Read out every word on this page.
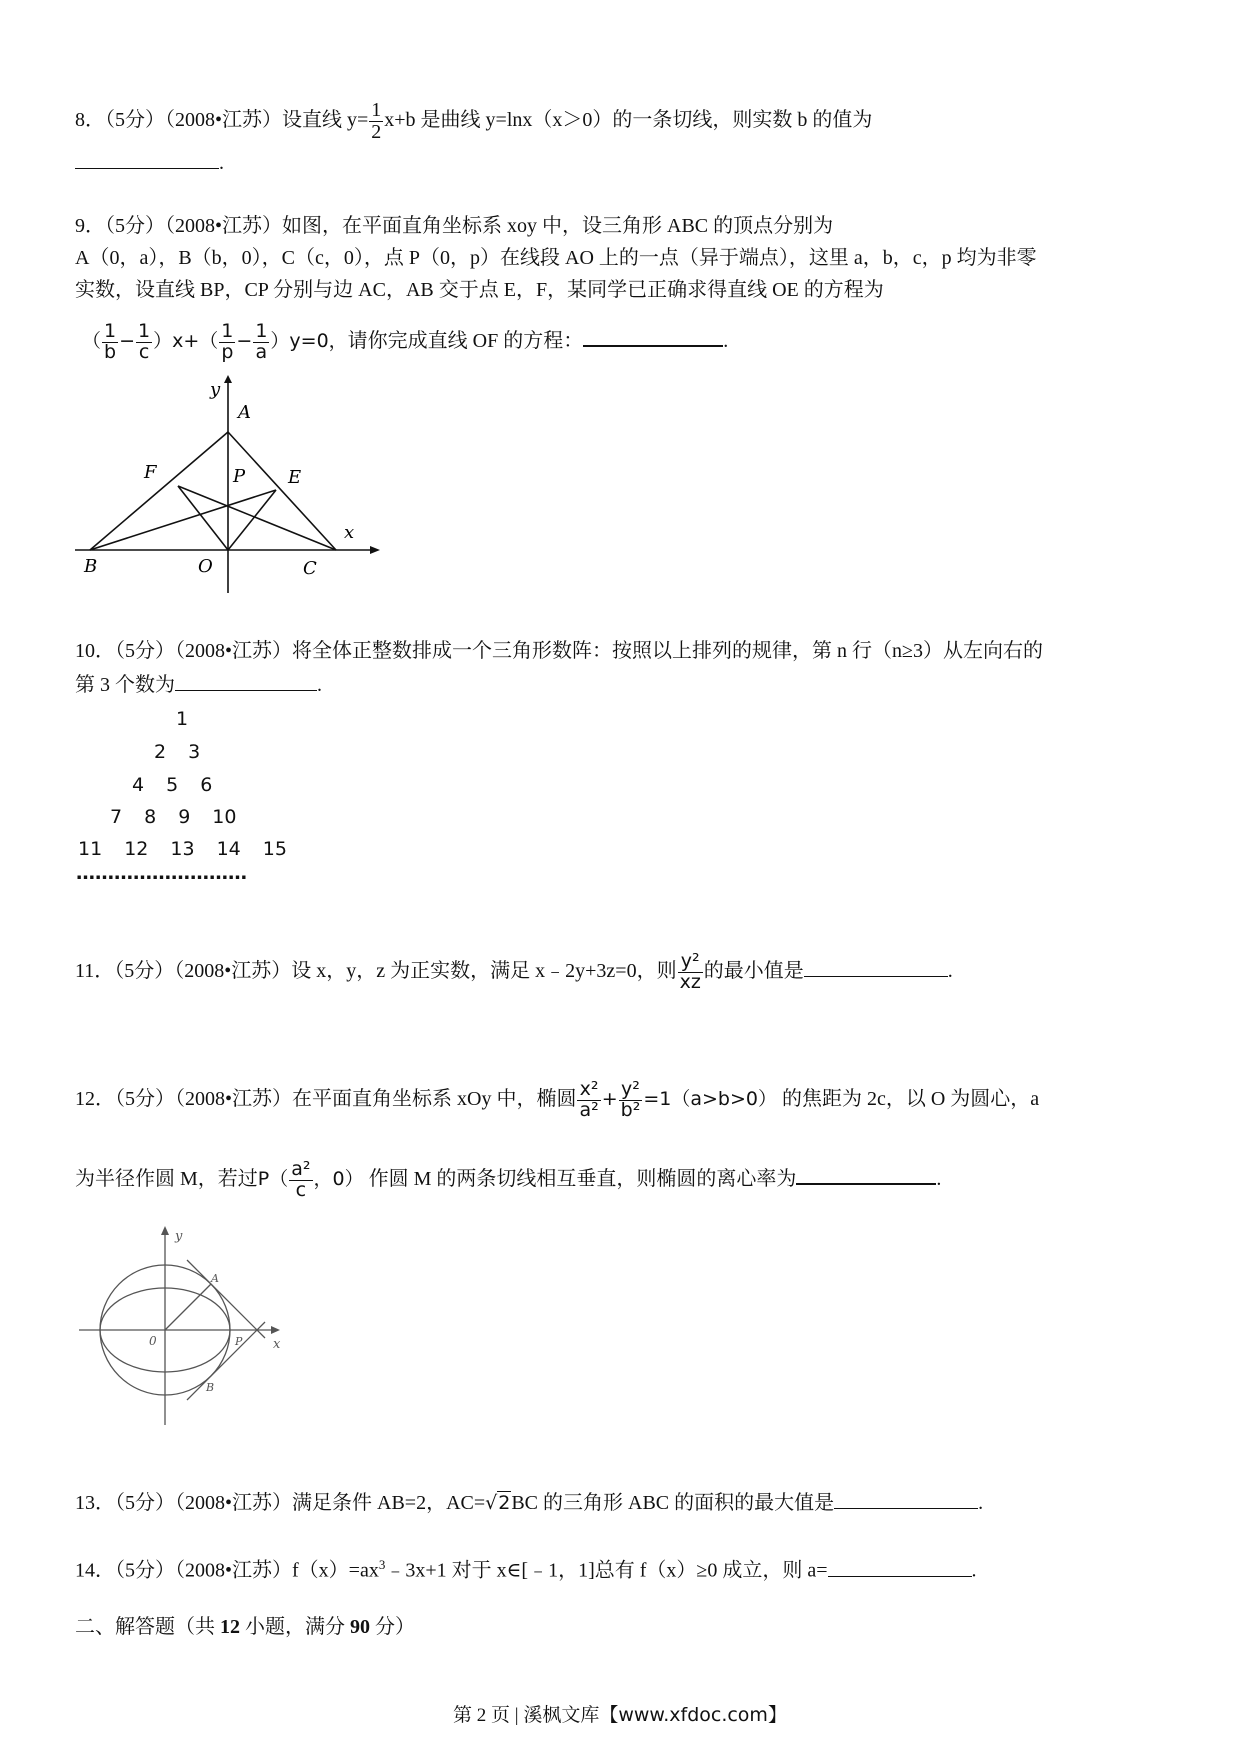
8．（5分）（2008•江苏）设直线 $y= \frac{1}{2} x+b$ 是曲线 y=lnx（x＞0）的一条切线，则实数 b 的值为
.
9．（5分）（2008•江苏）如图，在平面直角坐标系 xoy 中，设三角形 ABC 的顶点分别为
A（0，a），B（b，0），C（c，0），点 P（0，p）在线段 AO 上的一点（异于端点），这里 a，b，c，p 均为非零
实数，设直线 BP，CP 分别与边 AC，AB 交于点 E，F，某同学已正确求得直线 OE 的方程为
（ $\frac{1}{b} - \frac{1}{c} )x+( \frac{1}{p} - \frac{1}{a} )y=0$，请你完成直线 OF 的方程：	.
y
A
F	P E
x
B	O	C
10．（5分）（2008•江苏）将全体正整数排成一个三角形数阵：按照以上排列的规律，第 n 行（n≥3）从左向右的
第 3 个数为	.
1
2 3
4 5 6
7 8 9 10
11 12 13 14 15
………………………
11．（5分）（2008•江苏）设 x，y，z 为正实数，满足 x﹣2y+3z=0，则 $\frac{\text{y²}}{xz}$ 的最小值是	.
12．（5分）（2008•江苏）在平面直角坐标系 xOy 中，椭圆 $\frac{\text{x²}}{\text{a²}} + \frac{\text{y²}}{\text{b²}} =1(a>b>0)$ 的焦距为 2c，以 O 为圆心，a
为半径作圆 M，若过$P( \frac{\text{a²}}{c}$ ，0） 作圆 M 的两条切线相互垂直，则椭圆的离心率为	.
y
A
0	P x
B
13．（5分）（2008•江苏）满足条件 AB=2，AC=√2BC 的三角形 ABC 的面积的最大值是	.
14．（5分）（2008•江苏）$f(x)=ax^3﹣3x+1$ 对于 x∈[﹣1，1]总有 f（x）≥0 成立，则 a=	.
二、解答题（共 12 小题，满分 90 分）
第 2 页 | 溪枫文库【www.xfdoc.com】
